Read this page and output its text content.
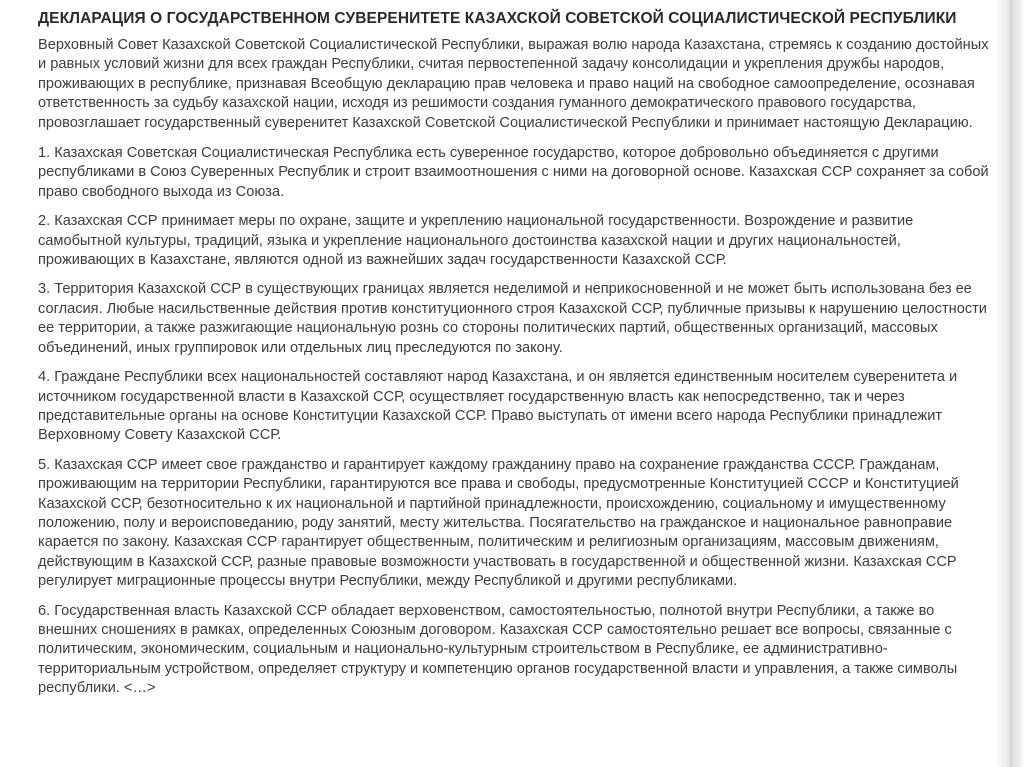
ДЕКЛАРАЦИЯ О ГОСУДАРСТВЕННОМ СУВЕРЕНИТЕТЕ КАЗАХСКОЙ СОВЕТСКОЙ СОЦИАЛИСТИЧЕСКОЙ РЕСПУБЛИКИ

Верховный Совет Казахской Советской Социалистической Республики, выражая волю народа Казахстана, стремясь к созданию достойных и равных условий жизни для всех граждан Республики, считая первостепенной задачу консолидации и укрепления дружбы народов, проживающих в республике, признавая Всеобщую декларацию прав человека и право наций на свободное самоопределение, осознавая ответственность за судьбу казахской нации, исходя из решимости создания гуманного демократического правового государства, провозглашает государственный суверенитет Казахской Советской Социалистической Республики и принимает настоящую Декларацию.

1. Казахская Советская Социалистическая Республика есть суверенное государство, которое добровольно объединяется с другими республиками в Союз Суверенных Республик и строит взаимоотношения с ними на договорной основе. Казахская ССР сохраняет за собой право свободного выхода из Союза.

2. Казахская ССР принимает меры по охране, защите и укреплению национальной государственности. Возрождение и развитие самобытной культуры, традиций, языка и укрепление национального достоинства казахской нации и других национальностей, проживающих в Казахстане, являются одной из важнейших задач государственности Казахской ССР.

3. Территория Казахской ССР в существующих границах является неделимой и неприкосновенной и не может быть использована без ее согласия. Любые насильственные действия против конституционного строя Казахской ССР, публичные призывы к нарушению целостности ее территории, а также разжигающие национальную рознь со стороны политических партий, общественных организаций, массовых объединений, иных группировок или отдельных лиц преследуются по закону.

4. Граждане Республики всех национальностей составляют народ Казахстана, и он является единственным носителем суверенитета и источником государственной власти в Казахской ССР, осуществляет государственную власть как непосредственно, так и через представительные органы на основе Конституции Казахской ССР. Право выступать от имени всего народа Республики принадлежит Верховному Совету Казахской ССР.

5. Казахская ССР имеет свое гражданство и гарантирует каждому гражданину право на сохранение гражданства СССР. Гражданам, проживающим на территории Республики, гарантируются все права и свободы, предусмотренные Конституцией СССР и Конституцией Казахской ССР, безотносительно к их национальной и партийной принадлежности, происхождению, социальному и имущественному положению, полу и вероисповеданию, роду занятий, месту жительства. Посягательство на гражданское и национальное равноправие карается по закону. Казахская ССР гарантирует общественным, политическим и религиозным организациям, массовым движениям, действующим в Казахской ССР, разные правовые возможности участвовать в государственной и общественной жизни. Казахская ССР регулирует миграционные процессы внутри Республики, между Республикой и другими республиками.

6. Государственная власть Казахской ССР обладает верховенством, самостоятельностью, полнотой внутри Республики, а также во внешних сношениях в рамках, определенных Союзным договором. Казахская ССР самостоятельно решает все вопросы, связанные с политическим, экономическим, социальным и национально-культурным строительством в Республике, ее административно-территориальным устройством, определяет структуру и компетенцию органов государственной власти и управления, а также символы республики. <…>
